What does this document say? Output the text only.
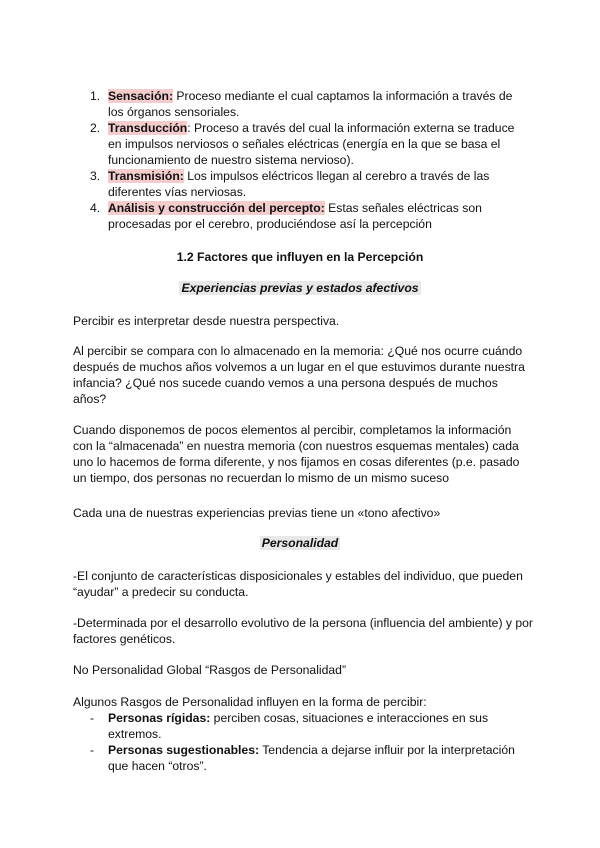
1. Sensación: Proceso mediante el cual captamos la información a través de los órganos sensoriales.
2. Transducción: Proceso a través del cual la información externa se traduce en impulsos nerviosos o señales eléctricas (energía en la que se basa el funcionamiento de nuestro sistema nervioso).
3. Transmisión: Los impulsos eléctricos llegan al cerebro a través de las diferentes vías nerviosas.
4. Análisis y construcción del percepto: Estas señales eléctricas son procesadas por el cerebro, produciéndose así la percepción
1.2 Factores que influyen en la Percepción
Experiencias previas y estados afectivos

Percibir es interpretar desde nuestra perspectiva.

Al percibir se compara con lo almacenado en la memoria: ¿Qué nos ocurre cuándo después de muchos años volvemos a un lugar en el que estuvimos durante nuestra infancia? ¿Qué nos sucede cuando vemos a una persona después de muchos años?

Cuando disponemos de pocos elementos al percibir, completamos la información con la “almacenada” en nuestra memoria (con nuestros esquemas mentales) cada uno lo hacemos de forma diferente, y nos fijamos en cosas diferentes (p.e. pasado un tiempo, dos personas no recuerdan lo mismo de un mismo suceso

Cada una de nuestras experiencias previas tiene un «tono afectivo»

Personalidad

-El conjunto de características disposicionales y estables del individuo, que pueden “ayudar” a predecir su conducta.

-Determinada por el desarrollo evolutivo de la persona (influencia del ambiente) y por factores genéticos.

No Personalidad Global “Rasgos de Personalidad”

Algunos Rasgos de Personalidad influyen en la forma de percibir:

- Personas rígidas: perciben cosas, situaciones e interacciones en sus extremos.
- Personas sugestionables: Tendencia a dejarse influir por la interpretación que hacen “otros”.
